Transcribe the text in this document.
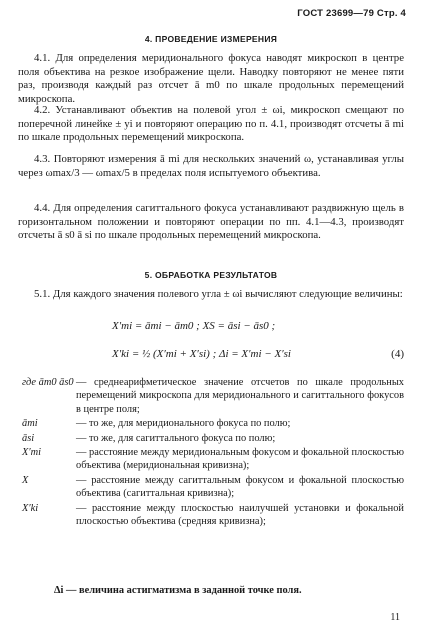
ГОСТ 23699—79 Стр. 4
4. ПРОВЕДЕНИЕ ИЗМЕРЕНИЯ
4.1. Для определения меридионального фокуса наводят микроскоп в центре поля объектива на резкое изображение щели. Наводку повторяют не менее пяти раз, производя каждый раз отсчет ā m0 по шкале продольных перемещений микроскопа.
4.2. Устанавливают объектив на полевой угол ± ωi, микроскоп смещают по поперечной линейке ± yi и повторяют операцию по п. 4.1, производят отсчеты ā mi по шкале продольных перемещений микроскопа.
4.3. Повторяют измерения ā mi для нескольких значений ω, устанавливая углы через ωmax/3 — ωmax/5 в пределах поля испытуемого объектива.
4.4. Для определения сагиттального фокуса устанавливают раздвижную щель в горизонтальном положении и повторяют операции по пп. 4.1—4.3, производят отсчеты ā s0 ā si по шкале продольных перемещений микроскопа.
5. ОБРАБОТКА РЕЗУЛЬТАТОВ
5.1. Для каждого значения полевого угла ± ωi вычисляют следующие величины:
X′mi = āmi − ām0 ; XS = āsi − ās0 ;
X′ki = ½ (X′mi + X′si) ; Δi = X′mi − X′si	(4)
где ām0 ās0 — среднеарифметическое значение отсчетов по шкале продольных перемещений микроскопа для меридионального и сагиттального фокусов в центре поля;
āmi	— то же, для меридионального фокуса по полю;
āsi	— то же, для сагиттального фокуса по полю;
X′mi	— расстояние между меридиональным фокусом и фокальной плоскостью объектива (меридиональная кривизна);
X	— расстояние между сагиттальным фокусом и фокальной плоскостью объектива (сагиттальная кривизна);
X′ki	— расстояние между плоскостью наилучшей установки и фокальной плоскостью объектива (средняя кривизна);
Δi — величина астигматизма в заданной точке поля.
11
